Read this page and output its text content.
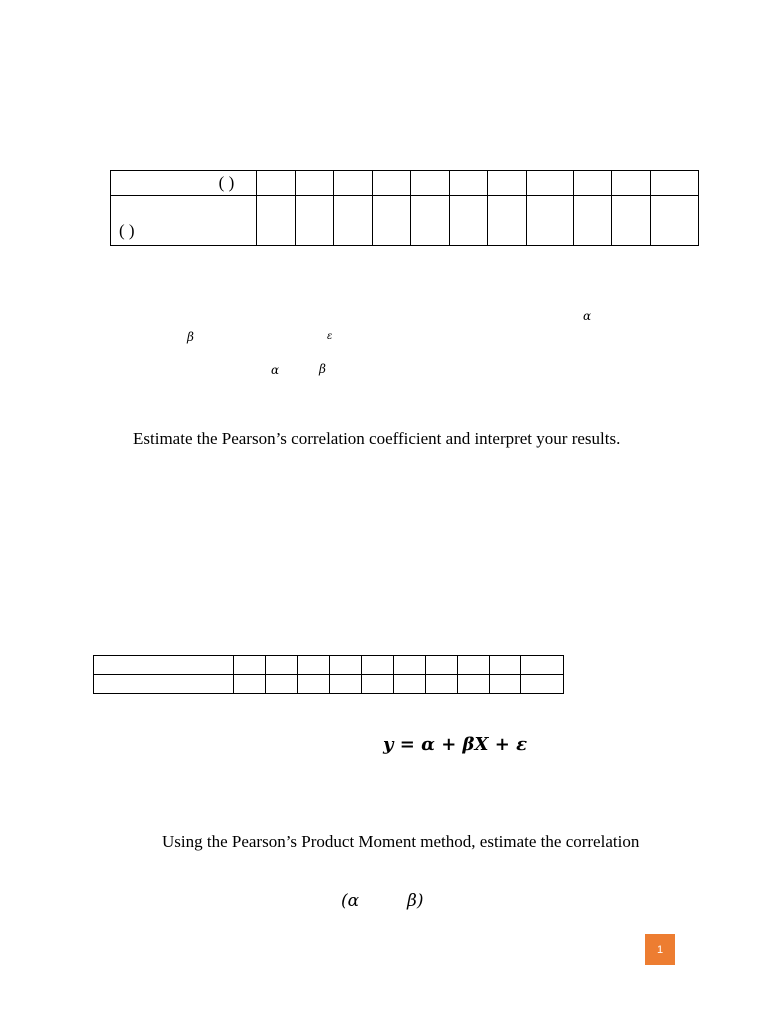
( )											
( )											
α
β	ε
α	β
Estimate the Pearson’s correlation coefficient and interpret your results.

y = α + βX + ε
Using the Pearson’s Product Moment method, estimate the correlation
(α	β)
1
